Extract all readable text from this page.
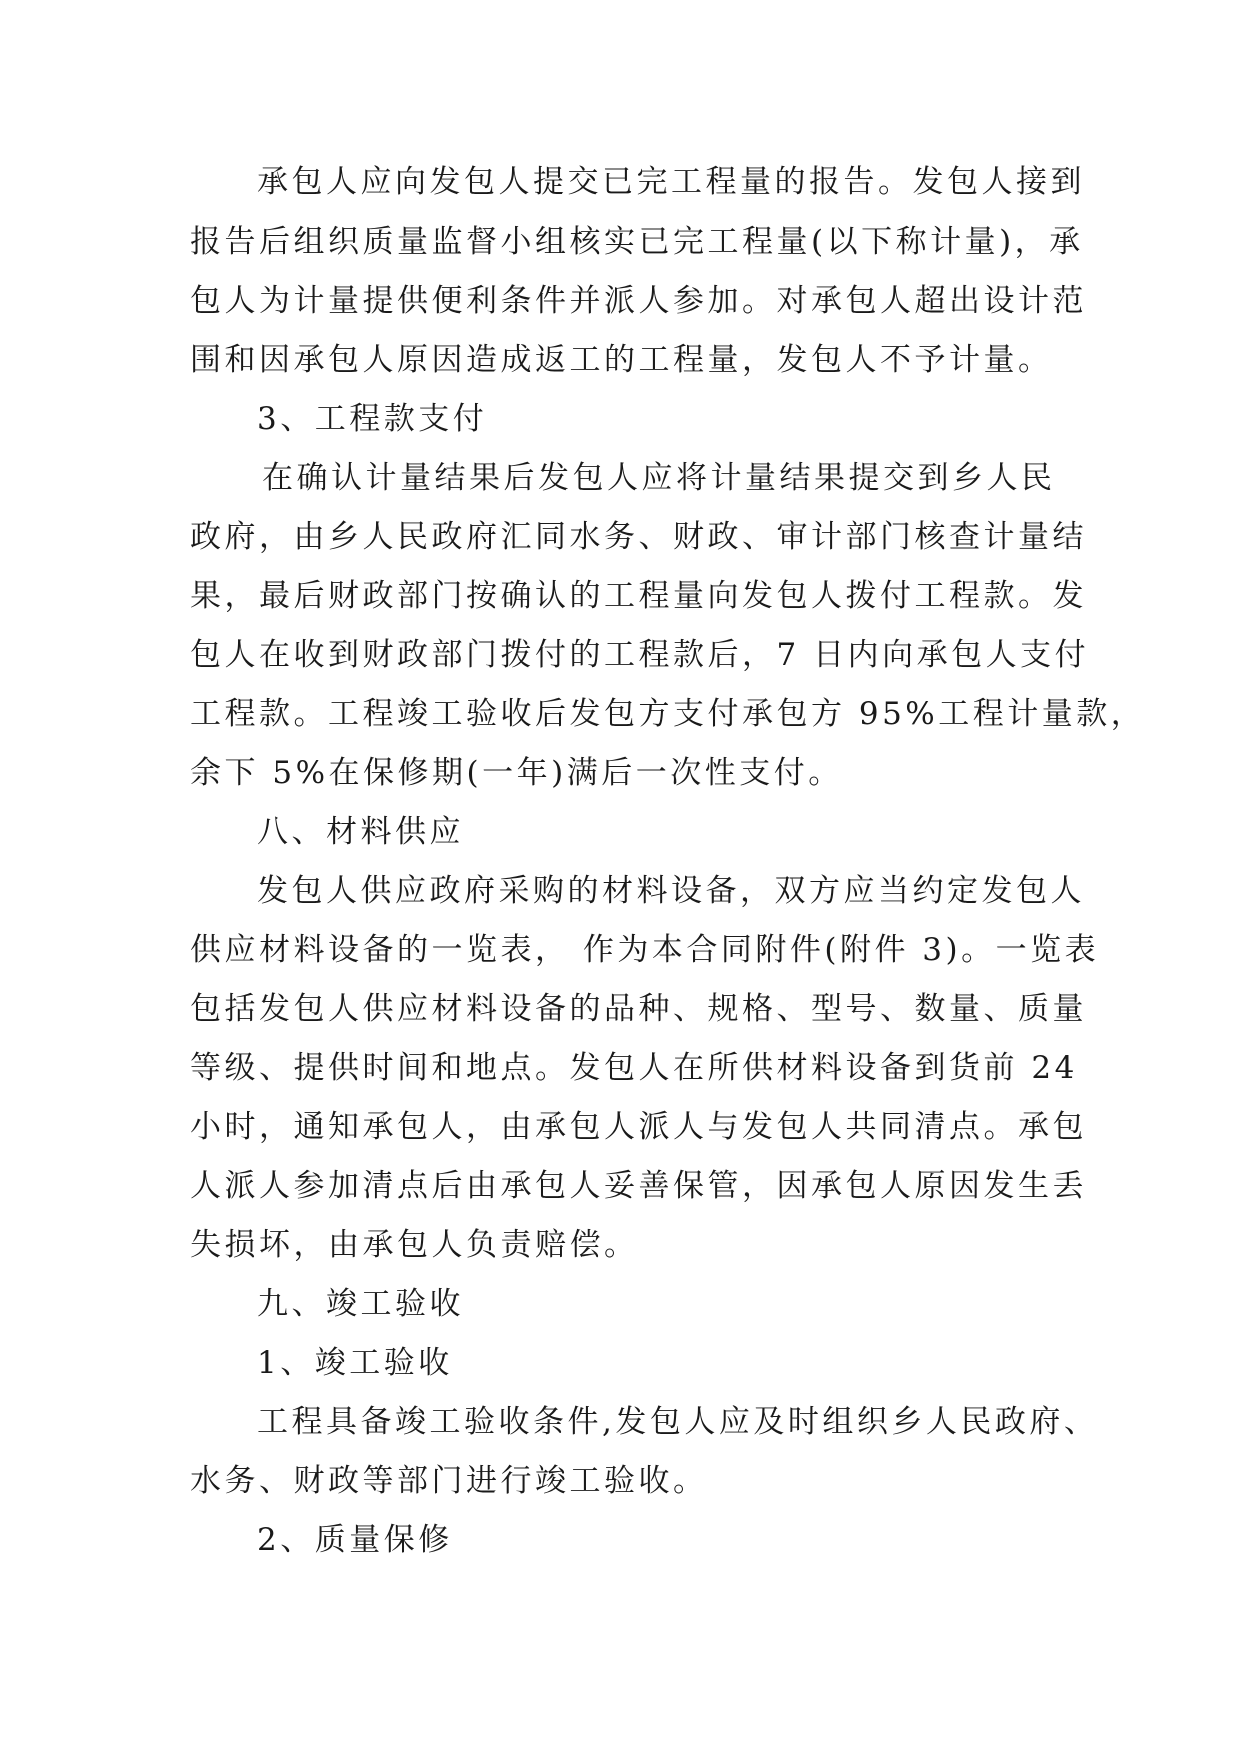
承包人应向发包人提交已完工程量的报告。发包人接到
报告后组织质量监督小组核实已完工程量(以下称计量)，承
包人为计量提供便利条件并派人参加。对承包人超出设计范
围和因承包人原因造成返工的工程量，发包人不予计量。
3、工程款支付
在确认计量结果后发包人应将计量结果提交到乡人民
政府，由乡人民政府汇同水务、财政、审计部门核查计量结
果，最后财政部门按确认的工程量向发包人拨付工程款。发
包人在收到财政部门拨付的工程款后，7 日内向承包人支付
工程款。工程竣工验收后发包方支付承包方 95%工程计量款，
余下 5%在保修期(一年)满后一次性支付。
八、材料供应
发包人供应政府采购的材料设备，双方应当约定发包人
供应材料设备的一览表， 作为本合同附件(附件 3)。一览表
包括发包人供应材料设备的品种、规格、型号、数量、质量
等级、提供时间和地点。发包人在所供材料设备到货前 24
小时，通知承包人，由承包人派人与发包人共同清点。承包
人派人参加清点后由承包人妥善保管，因承包人原因发生丢
失损坏，由承包人负责赔偿。
九、竣工验收
1、竣工验收
工程具备竣工验收条件,发包人应及时组织乡人民政府、
水务、财政等部门进行竣工验收。
2、质量保修
